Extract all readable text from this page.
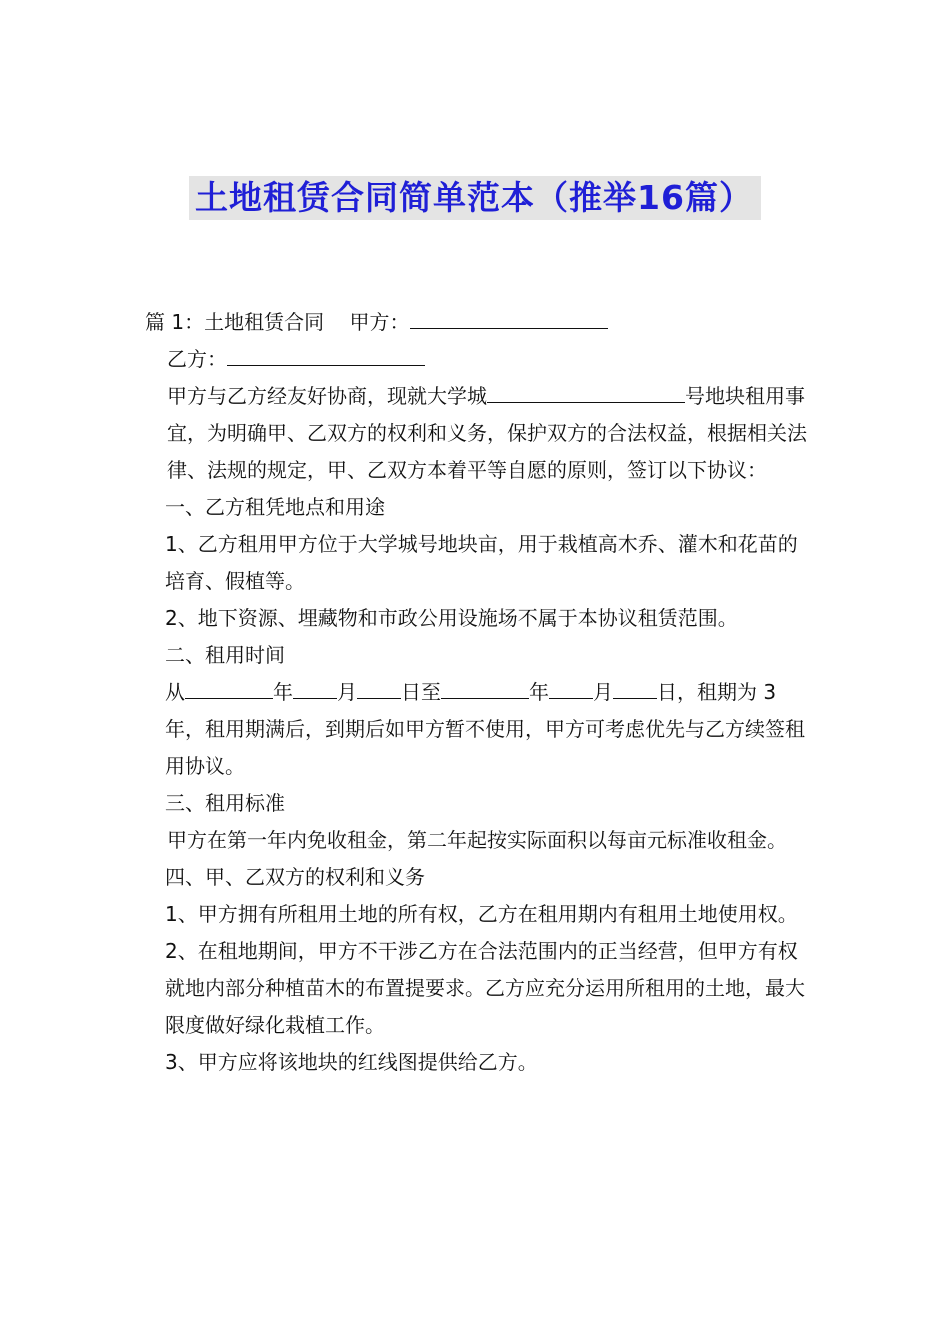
土地租赁合同简单范本（推举16篇）

篇 1：土地租赁合同 甲方：

乙方：

甲方与乙方经友好协商，现就大学城	号地块租用事宜，为明确甲、乙双方的权利和义务，保护双方的合法权益，根据相关法律、法规的规定，甲、乙双方本着平等自愿的原则，签订以下协议：

一、乙方租凭地点和用途

1、乙方租用甲方位于大学城号地块亩，用于栽植高木乔、灌木和花苗的培育、假植等。

2、地下资源、埋藏物和市政公用设施场不属于本协议租赁范围。

二、租用时间

从	年 月 日至	年 月 日，租期为 3 年，租用期满后，到期后如甲方暂不使用，甲方可考虑优先与乙方续签租用协议。

三、租用标准

甲方在第一年内免收租金，第二年起按实际面积以每亩元标准收租金。

四、甲、乙双方的权利和义务

1、甲方拥有所租用土地的所有权，乙方在租用期内有租用土地使用权。

2、在租地期间，甲方不干涉乙方在合法范围内的正当经营，但甲方有权就地内部分种植苗木的布置提要求。乙方应充分运用所租用的土地，最大限度做好绿化栽植工作。

3、甲方应将该地块的红线图提供给乙方。
